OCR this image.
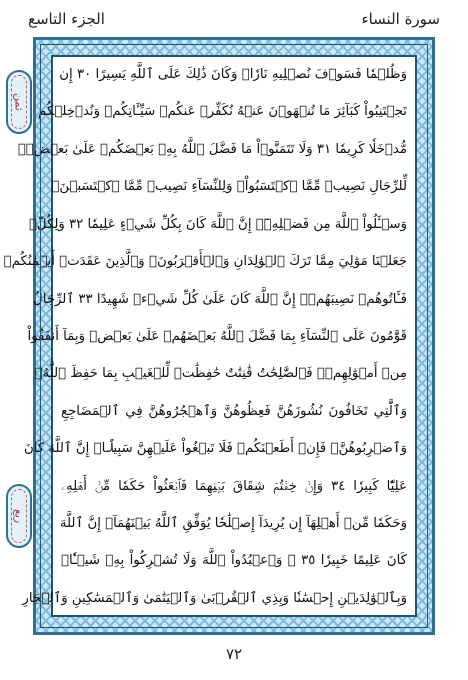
سورة النساء
الجزء التاسع
ثمن
ربع
وَظُلۡمٗا فَسَوۡفَ نُصۡلِيهِ نَارٗاۚ وَكَانَ ذَٰلِكَ عَلَى ٱللَّهِ يَسِيرًا ٣٠ إِن
تَجۡتَنِبُواْ كَبَآئِرَ مَا تُنۡهَوۡنَ عَنۡهُ نُكَفِّرۡ عَنكُمۡ سَيِّـَٔاتِكُمۡ وَنُدۡخِلۡكُم
مُّدۡخَلٗا كَرِيمٗا ٣١ وَلَا تَتَمَنَّوۡاْ مَا فَضَّلَ ٱللَّهُ بِهِۦ بَعۡضَكُمۡ عَلَىٰ بَعۡضٖۚ
لِّلرِّجَالِ نَصِيبٞ مِّمَّا ٱكۡتَسَبُواْۖ وَلِلنِّسَآءِ نَصِيبٞ مِّمَّا ٱكۡتَسَبۡنَۚ
وَسۡـَٔلُواْ ٱللَّهَ مِن فَضۡلِهِۦٓۚ إِنَّ ٱللَّهَ كَانَ بِكُلِّ شَيۡءٍ عَلِيمٗا ٣٢ وَلِكُلّٖ
جَعَلۡنَا مَوَٰلِيَ مِمَّا تَرَكَ ٱلۡوَٰلِدَانِ وَٱلۡأَقۡرَبُونَۚ وَٱلَّذِينَ عَقَدَتۡ أَيۡمَٰنُكُمۡ
فَـَٔاتُوهُمۡ نَصِيبَهُمۡۚ إِنَّ ٱللَّهَ كَانَ عَلَىٰ كُلِّ شَيۡءٖ شَهِيدًا ٣٣ ٱلرِّجَالُ
قَوَّٰمُونَ عَلَى ٱلنِّسَآءِ بِمَا فَضَّلَ ٱللَّهُ بَعۡضَهُمۡ عَلَىٰ بَعۡضٖ وَبِمَآ أَنفَقُواْ
مِنۡ أَمۡوَٰلِهِمۡۚ فَٱلصَّٰلِحَٰتُ قَٰنِتَٰتٌ حَٰفِظَٰتٞ لِّلۡغَيۡبِ بِمَا حَفِظَ ٱللَّهُۚ
وَٱلَّٰتِي تَخَافُونَ نُشُوزَهُنَّ فَعِظُوهُنَّ وَٱهۡجُرُوهُنَّ فِي ٱلۡمَضَاجِعِ
وَٱضۡرِبُوهُنَّۖ فَإِنۡ أَطَعۡنَكُمۡ فَلَا تَبۡغُواْ عَلَيۡهِنَّ سَبِيلًاۗ إِنَّ ٱللَّهَ كَانَ
عَلِيّٗا كَبِيرٗا ٣٤ وَإِنۡ خِفۡتُمۡ شِقَاقَ بَيۡنِهِمَا فَٱبۡعَثُواْ حَكَمٗا مِّنۡ أَهۡلِهِۦ
وَحَكَمٗا مِّنۡ أَهۡلِهَآ إِن يُرِيدَآ إِصۡلَٰحٗا يُوَفِّقِ ٱللَّهُ بَيۡنَهُمَآۗ إِنَّ ٱللَّهَ
كَانَ عَلِيمًا خَبِيرٗا ٣٥ ۞ وَٱعۡبُدُواْ ٱللَّهَ وَلَا تُشۡرِكُواْ بِهِۦ شَيۡـٔٗاۖ
وَبِٱلۡوَٰلِدَيۡنِ إِحۡسَٰنٗا وَبِذِي ٱلۡقُرۡبَىٰ وَٱلۡيَتَٰمَىٰ وَٱلۡمَسَٰكِينِ وَٱلۡجَارِ
٧٢
